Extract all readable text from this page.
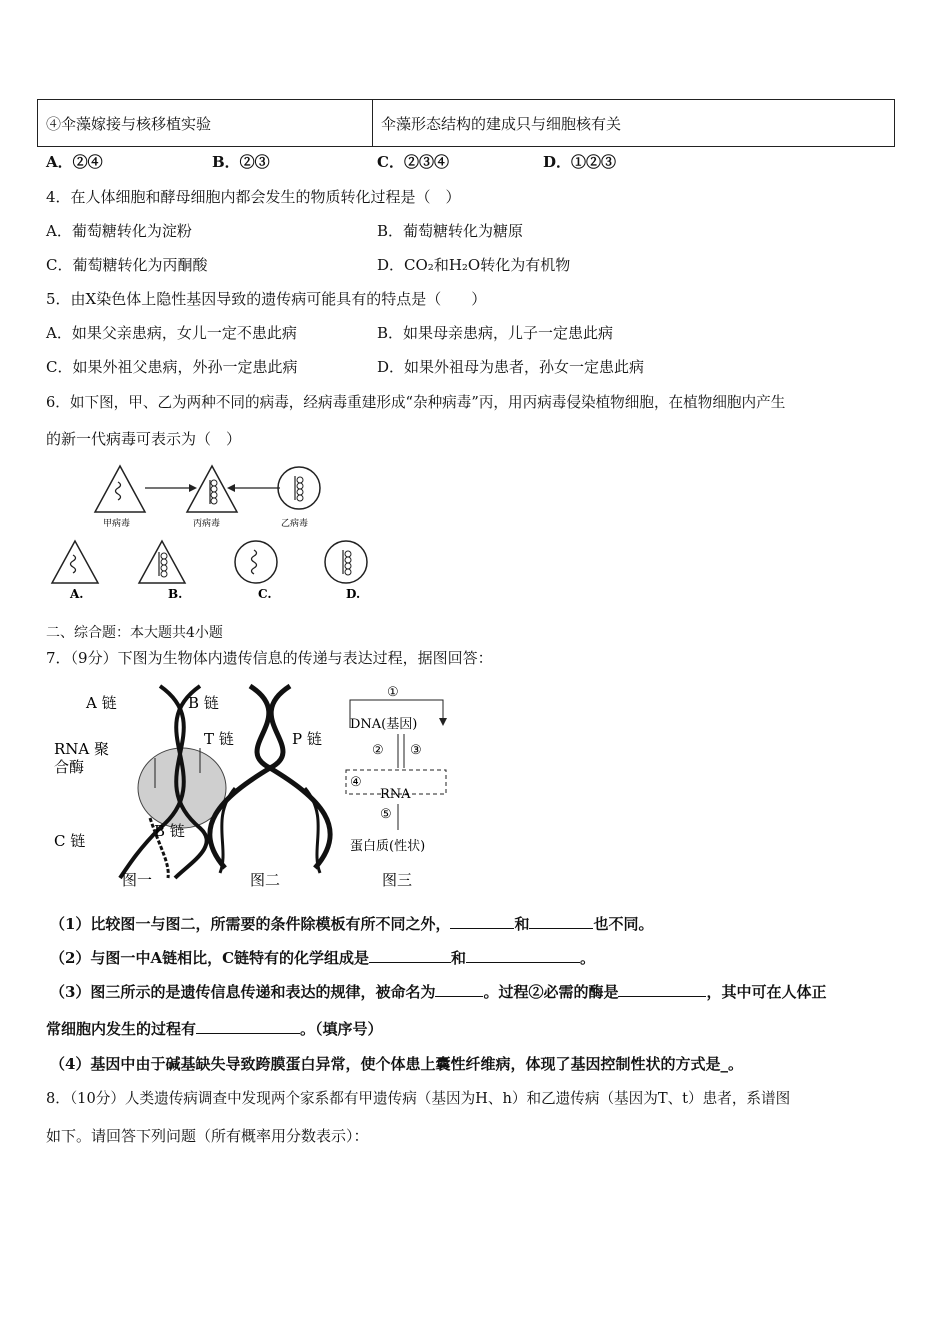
④伞藻嫁接与核移植实验	伞藻形态结构的建成只与细胞核有关
A．②④	B．②③	C．②③④	D．①②③
4．在人体细胞和酵母细胞内都会发生的物质转化过程是（　）
A．葡萄糖转化为淀粉	B．葡萄糖转化为糖原
C．葡萄糖转化为丙酮酸	D．CO₂和H₂O转化为有机物
5．由X染色体上隐性基因导致的遗传病可能具有的特点是（　　）
A．如果父亲患病，女儿一定不患此病	B．如果母亲患病，儿子一定患此病
C．如果外祖父患病，外孙一定患此病	D．如果外祖母为患者，孙女一定患此病
6．如下图，甲、乙为两种不同的病毒，经病毒重建形成“杂种病毒”丙，用丙病毒侵染植物细胞，在植物细胞内产生
的新一代病毒可表示为（　）
甲病毒	丙病毒	乙病毒
A.	B.	C.	D.
二、综合题：本大题共4小题
7．（9分）下图为生物体内遗传信息的传递与表达过程，据图回答：
A 链	B 链
RNA 聚
合酶
C 链
B 链
图一
T 链	P 链
图二
①
DNA(基因)
② ③
④
RNA
⑤
蛋白质(性状)
图三
（1）比较图一与图二，所需要的条件除模板有所不同之外，	和	也不同。
（2）与图一中A链相比，C链特有的化学组成是	和	。
（3）图三所示的是遗传信息传递和表达的规律，被命名为	。过程②必需的酶是	，其中可在人体正
常细胞内发生的过程有	。（填序号）
（4）基因中由于碱基缺失导致跨膜蛋白异常，使个体患上囊性纤维病，体现了基因控制性状的方式是_。
8．（10分）人类遗传病调查中发现两个家系都有甲遗传病（基因为H、h）和乙遗传病（基因为T、t）患者，系谱图
如下。请回答下列问题（所有概率用分数表示）：
